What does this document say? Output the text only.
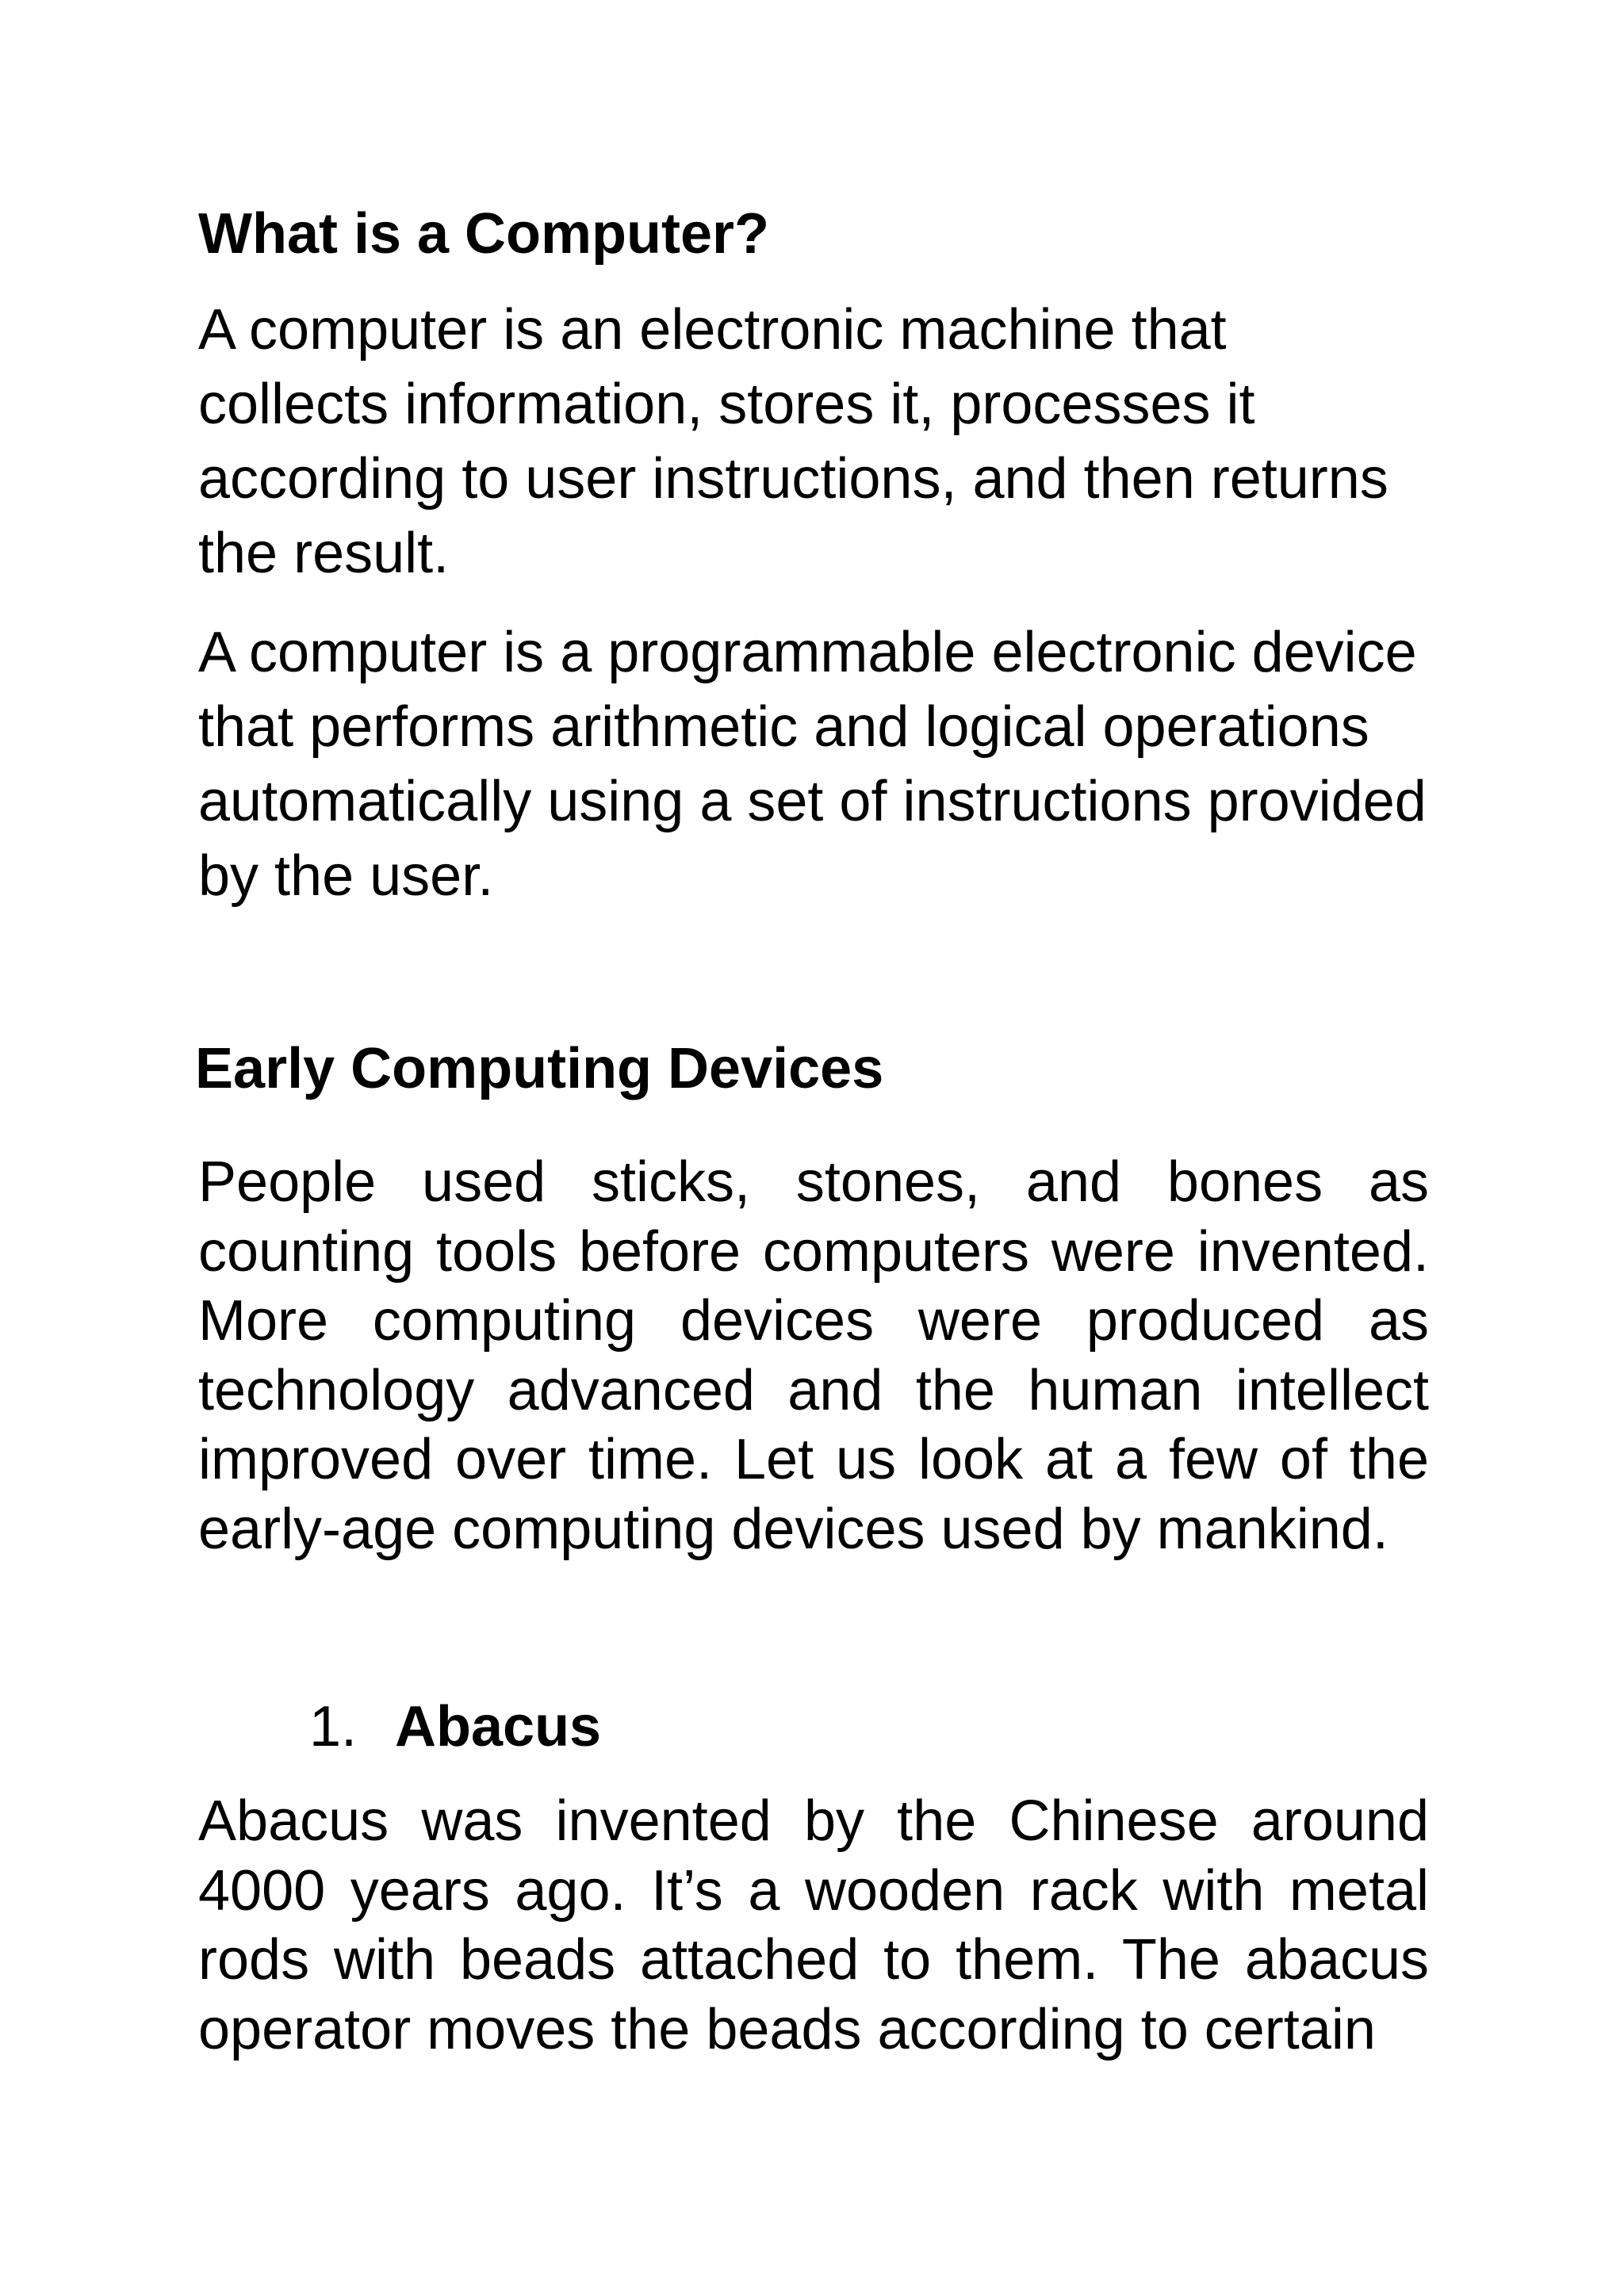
What is a Computer?

A computer is an electronic machine that collects information, stores it, processes it according to user instructions, and then returns the result.

A computer is a programmable electronic device that performs arithmetic and logical operations automatically using a set of instructions provided by the user.

Early Computing Devices

People used sticks, stones, and bones as counting tools before computers were invented. More computing devices were produced as technology advanced and the human intellect improved over time. Let us look at a few of the early-age computing devices used by mankind.

1. Abacus

Abacus was invented by the Chinese around 4000 years ago. It’s a wooden rack with metal rods with beads attached to them. The abacus operator moves the beads according to certain
